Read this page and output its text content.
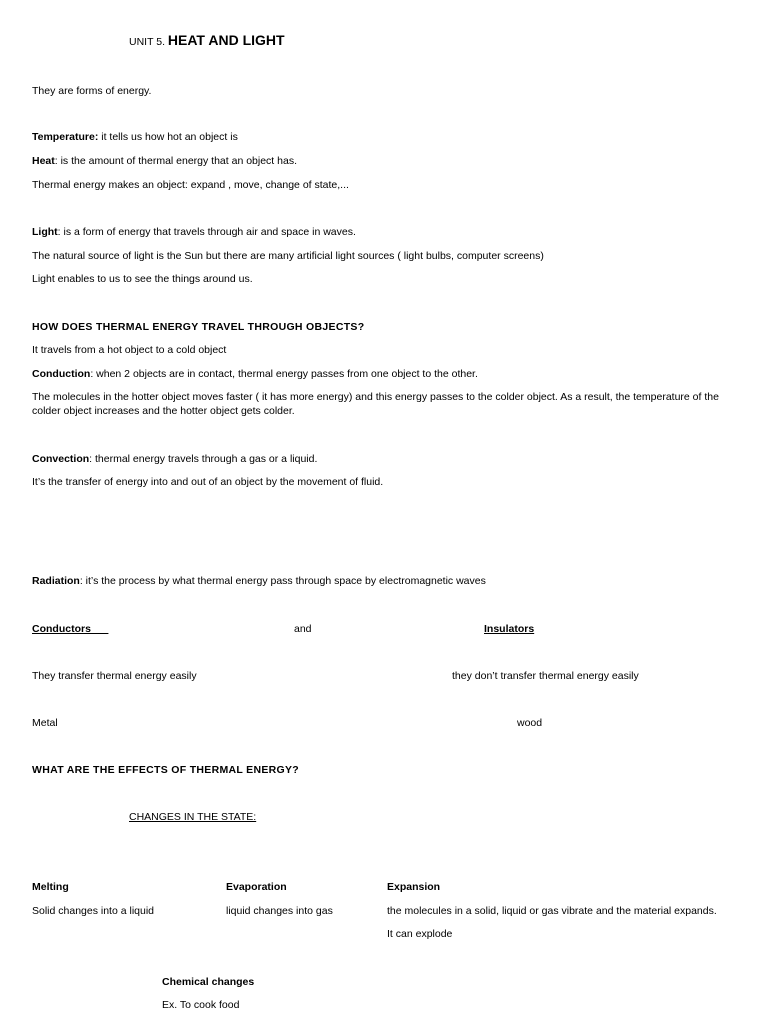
UNIT 5. HEAT AND LIGHT
They are forms of energy.
Temperature: it tells us how hot an object is
Heat: is the amount of thermal energy that an object has.
Thermal energy makes an object: expand , move, change of state,...
Light: is a form of energy that travels through air and space in waves.
The natural source of light is the Sun but there are many artificial light sources ( light bulbs, computer screens)
Light enables to us to see the things around us.
HOW DOES THERMAL ENERGY TRAVEL THROUGH OBJECTS?
It travels from a hot object to a cold object
Conduction: when 2 objects are in contact, thermal energy passes from one object to the other.
The molecules in the hotter object moves faster ( it has more energy) and this energy passes to the colder object. As a result, the temperature of the colder object increases and the hotter object gets colder.
Convection: thermal energy travels through a gas or a liquid.
It’s the transfer of energy into and out of an object by the movement of fluid.
Radiation: it’s the process by what thermal energy pass through space by electromagnetic waves
Conductors	and	Insulators
They transfer thermal energy easily	they don’t transfer thermal energy easily
Metal	wood
WHAT ARE THE EFFECTS OF THERMAL ENERGY?
CHANGES IN THE STATE:
Melting	Evaporation	Expansion
Solid changes into a liquid	liquid changes into gas	the molecules in a solid, liquid or gas vibrate and the material expands.
It can explode
Chemical changes
Ex. To cook food
